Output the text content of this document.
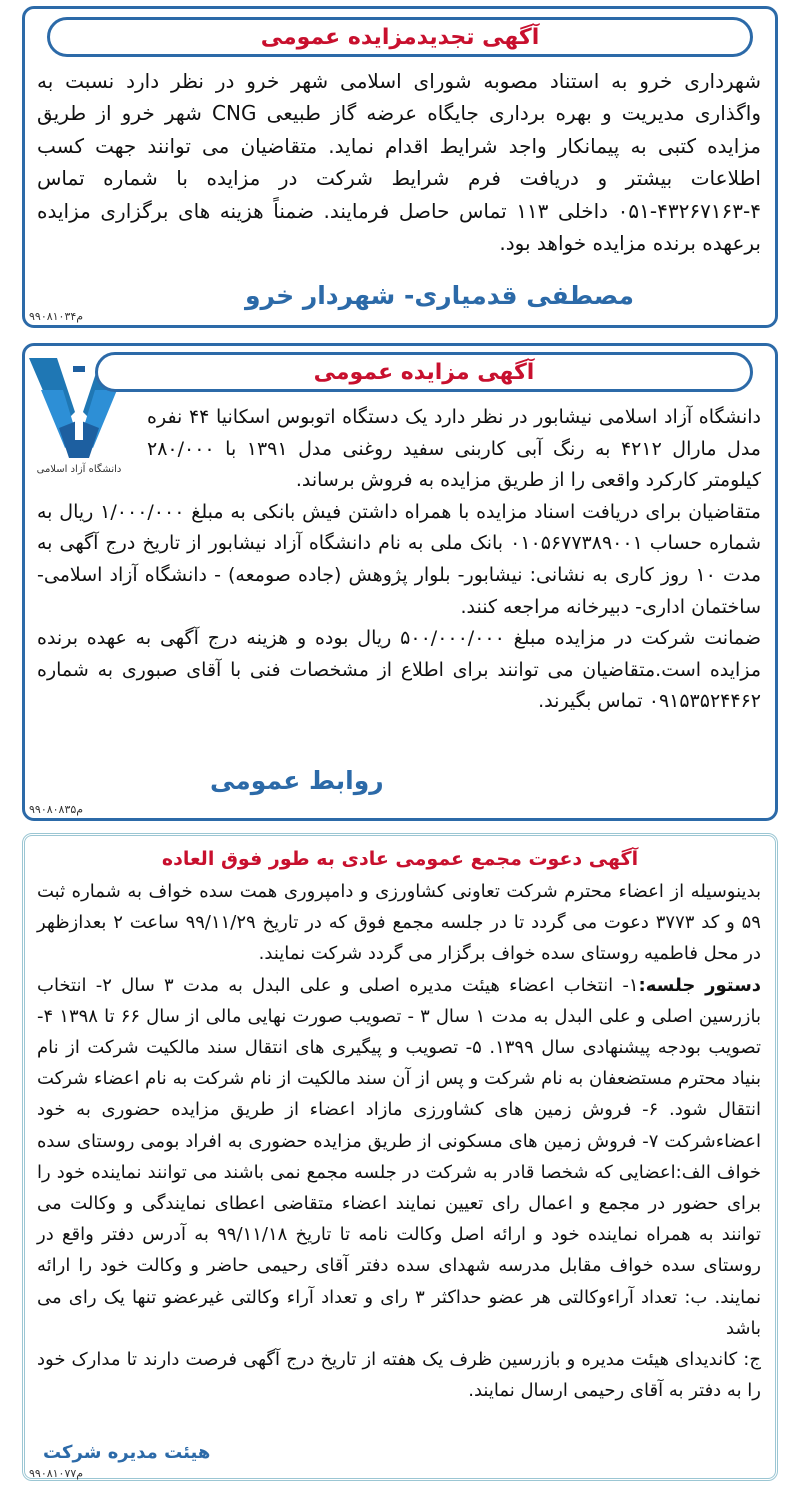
آگهی تجدیدمزایده عمومی
شهرداری خرو به استناد مصوبه شورای اسلامی شهر خرو در نظر دارد نسبت به واگذاری مدیریت و بهره برداری جایگاه عرضه گاز طبیعی CNG شهر خرو از طریق مزایده کتبی به پیمانکار واجد شرایط اقدام نماید. متقاضیان می توانند جهت کسب اطلاعات بیشتر و دریافت فرم شرایط شرکت در مزایده با شماره تماس ۴-۴۳۲۶۷۱۶۳-۰۵۱ داخلی ۱۱۳ تماس حاصل فرمایند. ضمناً هزینه های برگزاری مزایده برعهده برنده مزایده خواهد بود.
مصطفی قدمیاری- شهردار خرو
م۹۹۰۸۱۰۳۴
دانشگاه آزاد اسلامی
آگهی مزایده عمومی
دانشگاه آزاد اسلامی نیشابور در نظر دارد یک دستگاه اتوبوس اسکانیا ۴۴ نفره مدل مارال ۴۲۱۲ به رنگ آبی کاربنی سفید روغنی مدل ۱۳۹۱ با ۲۸۰/۰۰۰ کیلومتر کارکرد واقعی را از طریق مزایده به فروش برساند.
متقاضیان برای دریافت اسناد مزایده با همراه داشتن فیش بانکی به مبلغ ۱/۰۰۰/۰۰۰ ریال به شماره حساب ۰۱۰۵۶۷۷۳۸۹۰۰۱ بانک ملی به نام دانشگاه آزاد نیشابور از تاریخ درج آگهی به مدت ۱۰ روز کاری به نشانی: نیشابور- بلوار پژوهش (جاده صومعه) - دانشگاه آزاد اسلامی- ساختمان اداری- دبیرخانه مراجعه کنند.
ضمانت شرکت در مزایده مبلغ ۵۰۰/۰۰۰/۰۰۰ ریال بوده و هزینه درج آگهی به عهده برنده مزایده است.متقاضیان می توانند برای اطلاع از مشخصات فنی با آقای صبوری به شماره ۰۹۱۵۳۵۲۴۴۶۲ تماس بگیرند.
روابط عمومی
م۹۹۰۸۰۸۳۵
آگهی دعوت مجمع عمومی عادی به طور فوق العاده
بدینوسیله از اعضاء محترم شرکت تعاونی کشاورزی و دامپروری همت سده خواف به شماره ثبت ۵۹ و کد ۳۷۷۳ دعوت می گردد تا در جلسه مجمع فوق که در تاریخ ۹۹/۱۱/۲۹ ساعت ۲ بعدازظهر در محل فاطمیه روستای سده خواف برگزار می گردد شرکت نمایند.
دستور جلسه:۱- انتخاب اعضاء هیئت مدیره اصلی و علی البدل به مدت ۳ سال ۲- انتخاب بازرسین اصلی و علی البدل به مدت ۱ سال ۳ - تصویب صورت نهایی مالی از سال ۶۶ تا ۱۳۹۸ ۴- تصویب بودجه پیشنهادی سال ۱۳۹۹. ۵- تصویب و پیگیری های انتقال سند مالکیت شرکت از نام بنیاد محترم مستضعفان به نام شرکت و پس از آن سند مالکیت از نام شرکت به نام اعضاء شرکت انتقال شود. ۶- فروش زمین های کشاورزی مازاد اعضاء از طریق مزایده حضوری به خود اعضاءشرکت ۷- فروش زمین های مسکونی از طریق مزایده حضوری به افراد بومی روستای سده خواف الف:اعضایی که شخصا قادر به شرکت در جلسه مجمع نمی باشند می توانند نماینده خود را برای حضور در مجمع و اعمال رای تعیین نمایند اعضاء متقاضی اعطای نمایندگی و وکالت می توانند به همراه نماینده خود و ارائه اصل وکالت نامه تا تاریخ ۹۹/۱۱/۱۸ به آدرس دفتر واقع در روستای سده خواف مقابل مدرسه شهدای سده دفتر آقای رحیمی حاضر و وکالت خود را ارائه نمایند. ب: تعداد آراءوکالتی هر عضو حداکثر ۳ رای و تعداد آراء وکالتی غیرعضو تنها یک رای می باشد
ج: کاندیدای هیئت مدیره و بازرسین ظرف یک هفته از تاریخ درج آگهی فرصت دارند تا مدارک خود را به دفتر به آقای رحیمی ارسال نمایند.
هیئت مدیره شرکت
م۹۹۰۸۱۰۷۷
